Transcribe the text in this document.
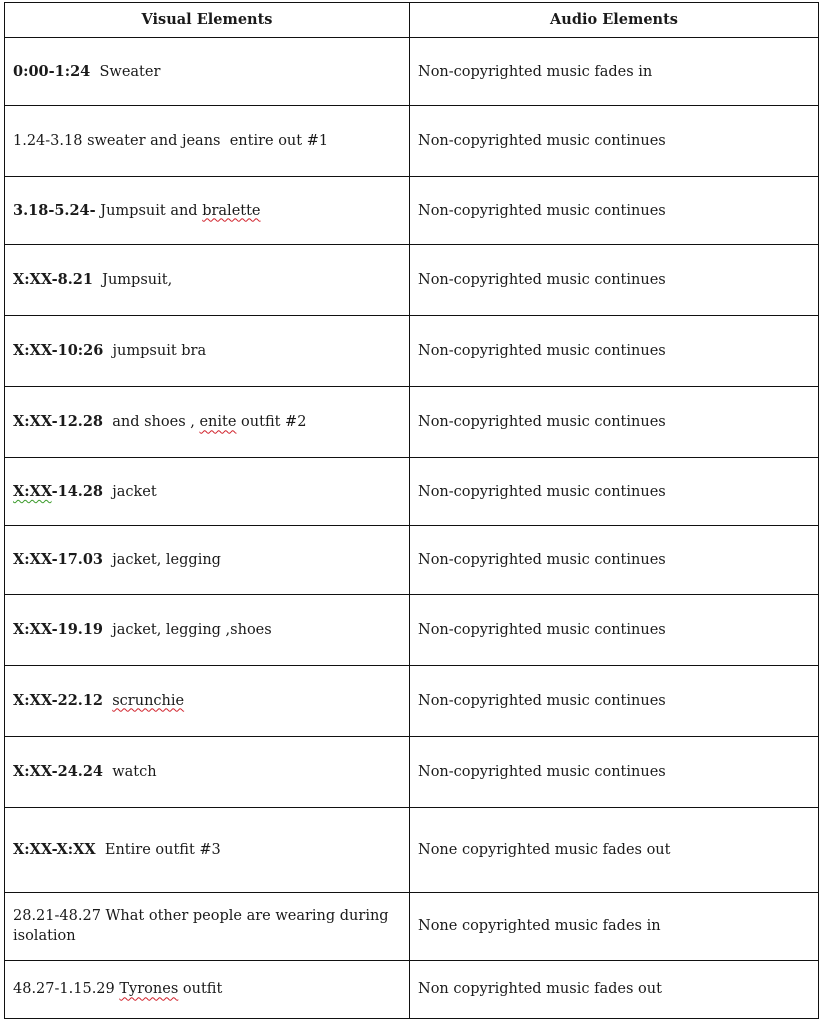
Visual Elements	Audio Elements
0:00-1:24 Sweater	Non-copyrighted music fades in
1.24-3.18 sweater and jeans  entire out #1	Non-copyrighted music continues
3.18-5.24- Jumpsuit and bralette	Non-copyrighted music continues
X:XX-8.21 Jumpsuit,	Non-copyrighted music continues
X:XX-10:26 jumpsuit bra	Non-copyrighted music continues
X:XX-12.28 and shoes , enite outfit #2	Non-copyrighted music continues
X:XX-14.28 jacket	Non-copyrighted music continues
X:XX-17.03 jacket, legging	Non-copyrighted music continues
X:XX-19.19 jacket, legging ,shoes	Non-copyrighted music continues
X:XX-22.12 scrunchie	Non-copyrighted music continues
X:XX-24.24 watch	Non-copyrighted music continues
X:XX-X:XX Entire outfit #3	None copyrighted music fades out
28.21-48.27 What other people are wearing during isolation	None copyrighted music fades in
48.27-1.15.29 Tyrones outfit	Non copyrighted music fades out
